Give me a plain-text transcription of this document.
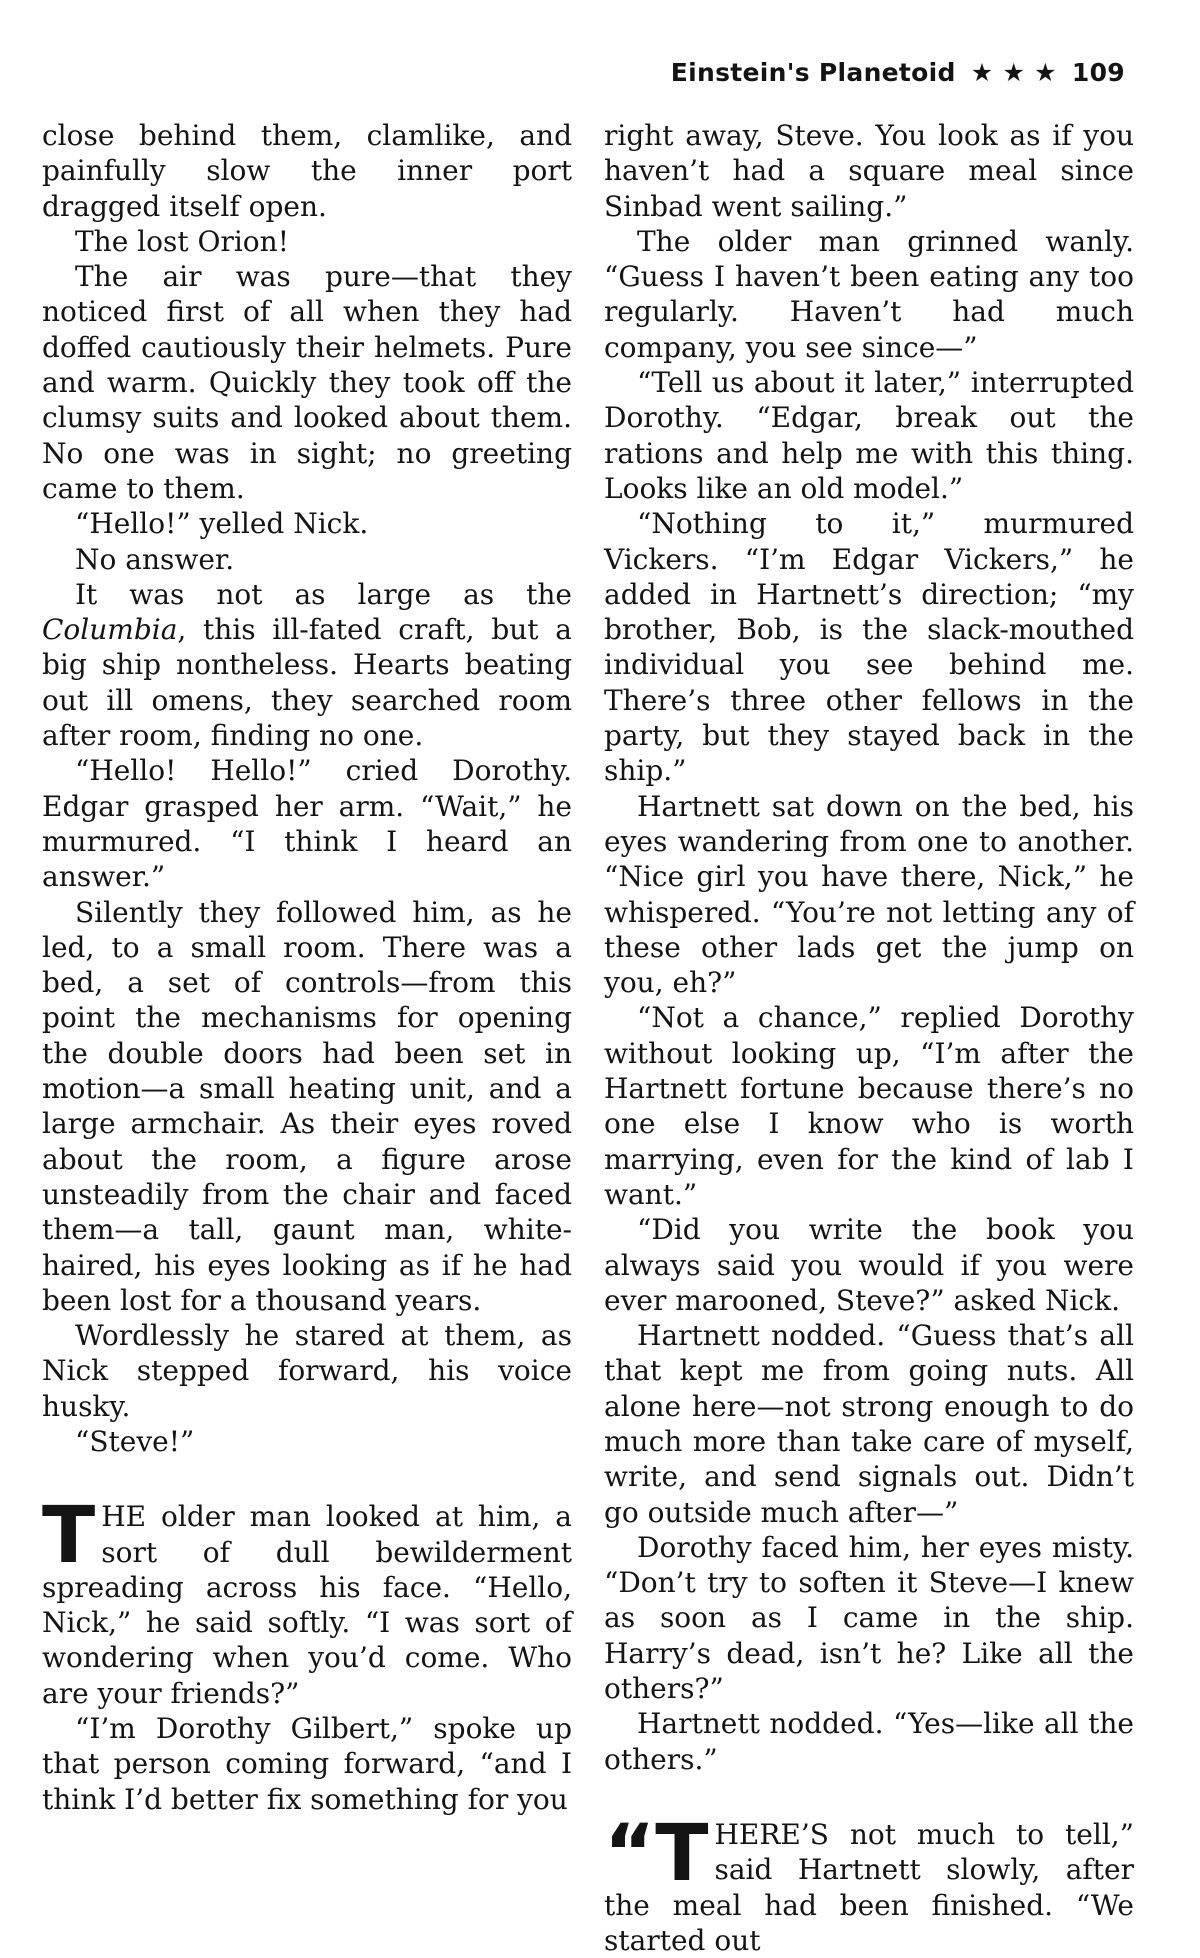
Einstein's Planetoid ★ ★ ★ 109

close behind them, clamlike, and painfully slow the inner port dragged itself open.

The lost Orion!

The air was pure—that they noticed first of all when they had doffed cautiously their helmets. Pure and warm. Quickly they took off the clumsy suits and looked about them. No one was in sight; no greeting came to them.

“Hello!” yelled Nick.

No answer.

It was not as large as the Columbia, this ill-fated craft, but a big ship nontheless. Hearts beating out ill omens, they searched room after room, finding no one.

“Hello! Hello!” cried Dorothy. Edgar grasped her arm. “Wait,” he murmured. “I think I heard an answer.”

Silently they followed him, as he led, to a small room. There was a bed, a set of controls—from this point the mechanisms for opening the double doors had been set in motion—a small heating unit, and a large armchair. As their eyes roved about the room, a figure arose unsteadily from the chair and faced them—a tall, gaunt man, white-haired, his eyes looking as if he had been lost for a thousand years.

Wordlessly he stared at them, as Nick stepped forward, his voice husky.

“Steve!”

THE older man looked at him, a sort of dull bewilderment spreading across his face. “Hello, Nick,” he said softly. “I was sort of wondering when you’d come. Who are your friends?”

“I’m Dorothy Gilbert,” spoke up that person coming forward, “and I think I’d better fix something for you

right away, Steve. You look as if you haven’t had a square meal since Sinbad went sailing.”

The older man grinned wanly. “Guess I haven’t been eating any too regularly. Haven’t had much company, you see since—”

“Tell us about it later,” interrupted Dorothy. “Edgar, break out the rations and help me with this thing. Looks like an old model.”

“Nothing to it,” murmured Vickers. “I’m Edgar Vickers,” he added in Hartnett’s direction; “my brother, Bob, is the slack-mouthed individual you see behind me. There’s three other fellows in the party, but they stayed back in the ship.”

Hartnett sat down on the bed, his eyes wandering from one to another. “Nice girl you have there, Nick,” he whispered. “You’re not letting any of these other lads get the jump on you, eh?”

“Not a chance,” replied Dorothy without looking up, “I’m after the Hartnett fortune because there’s no one else I know who is worth marrying, even for the kind of lab I want.”

“Did you write the book you always said you would if you were ever marooned, Steve?” asked Nick.

Hartnett nodded. “Guess that’s all that kept me from going nuts. All alone here—not strong enough to do much more than take care of myself, write, and send signals out. Didn’t go outside much after—”

Dorothy faced him, her eyes misty. “Don’t try to soften it Steve—I knew as soon as I came in the ship. Harry’s dead, isn’t he? Like all the others?”

Hartnett nodded. “Yes—like all the others.”

“T HERE’S not much to tell,” said Hartnett slowly, after the meal had been finished. “We started out
